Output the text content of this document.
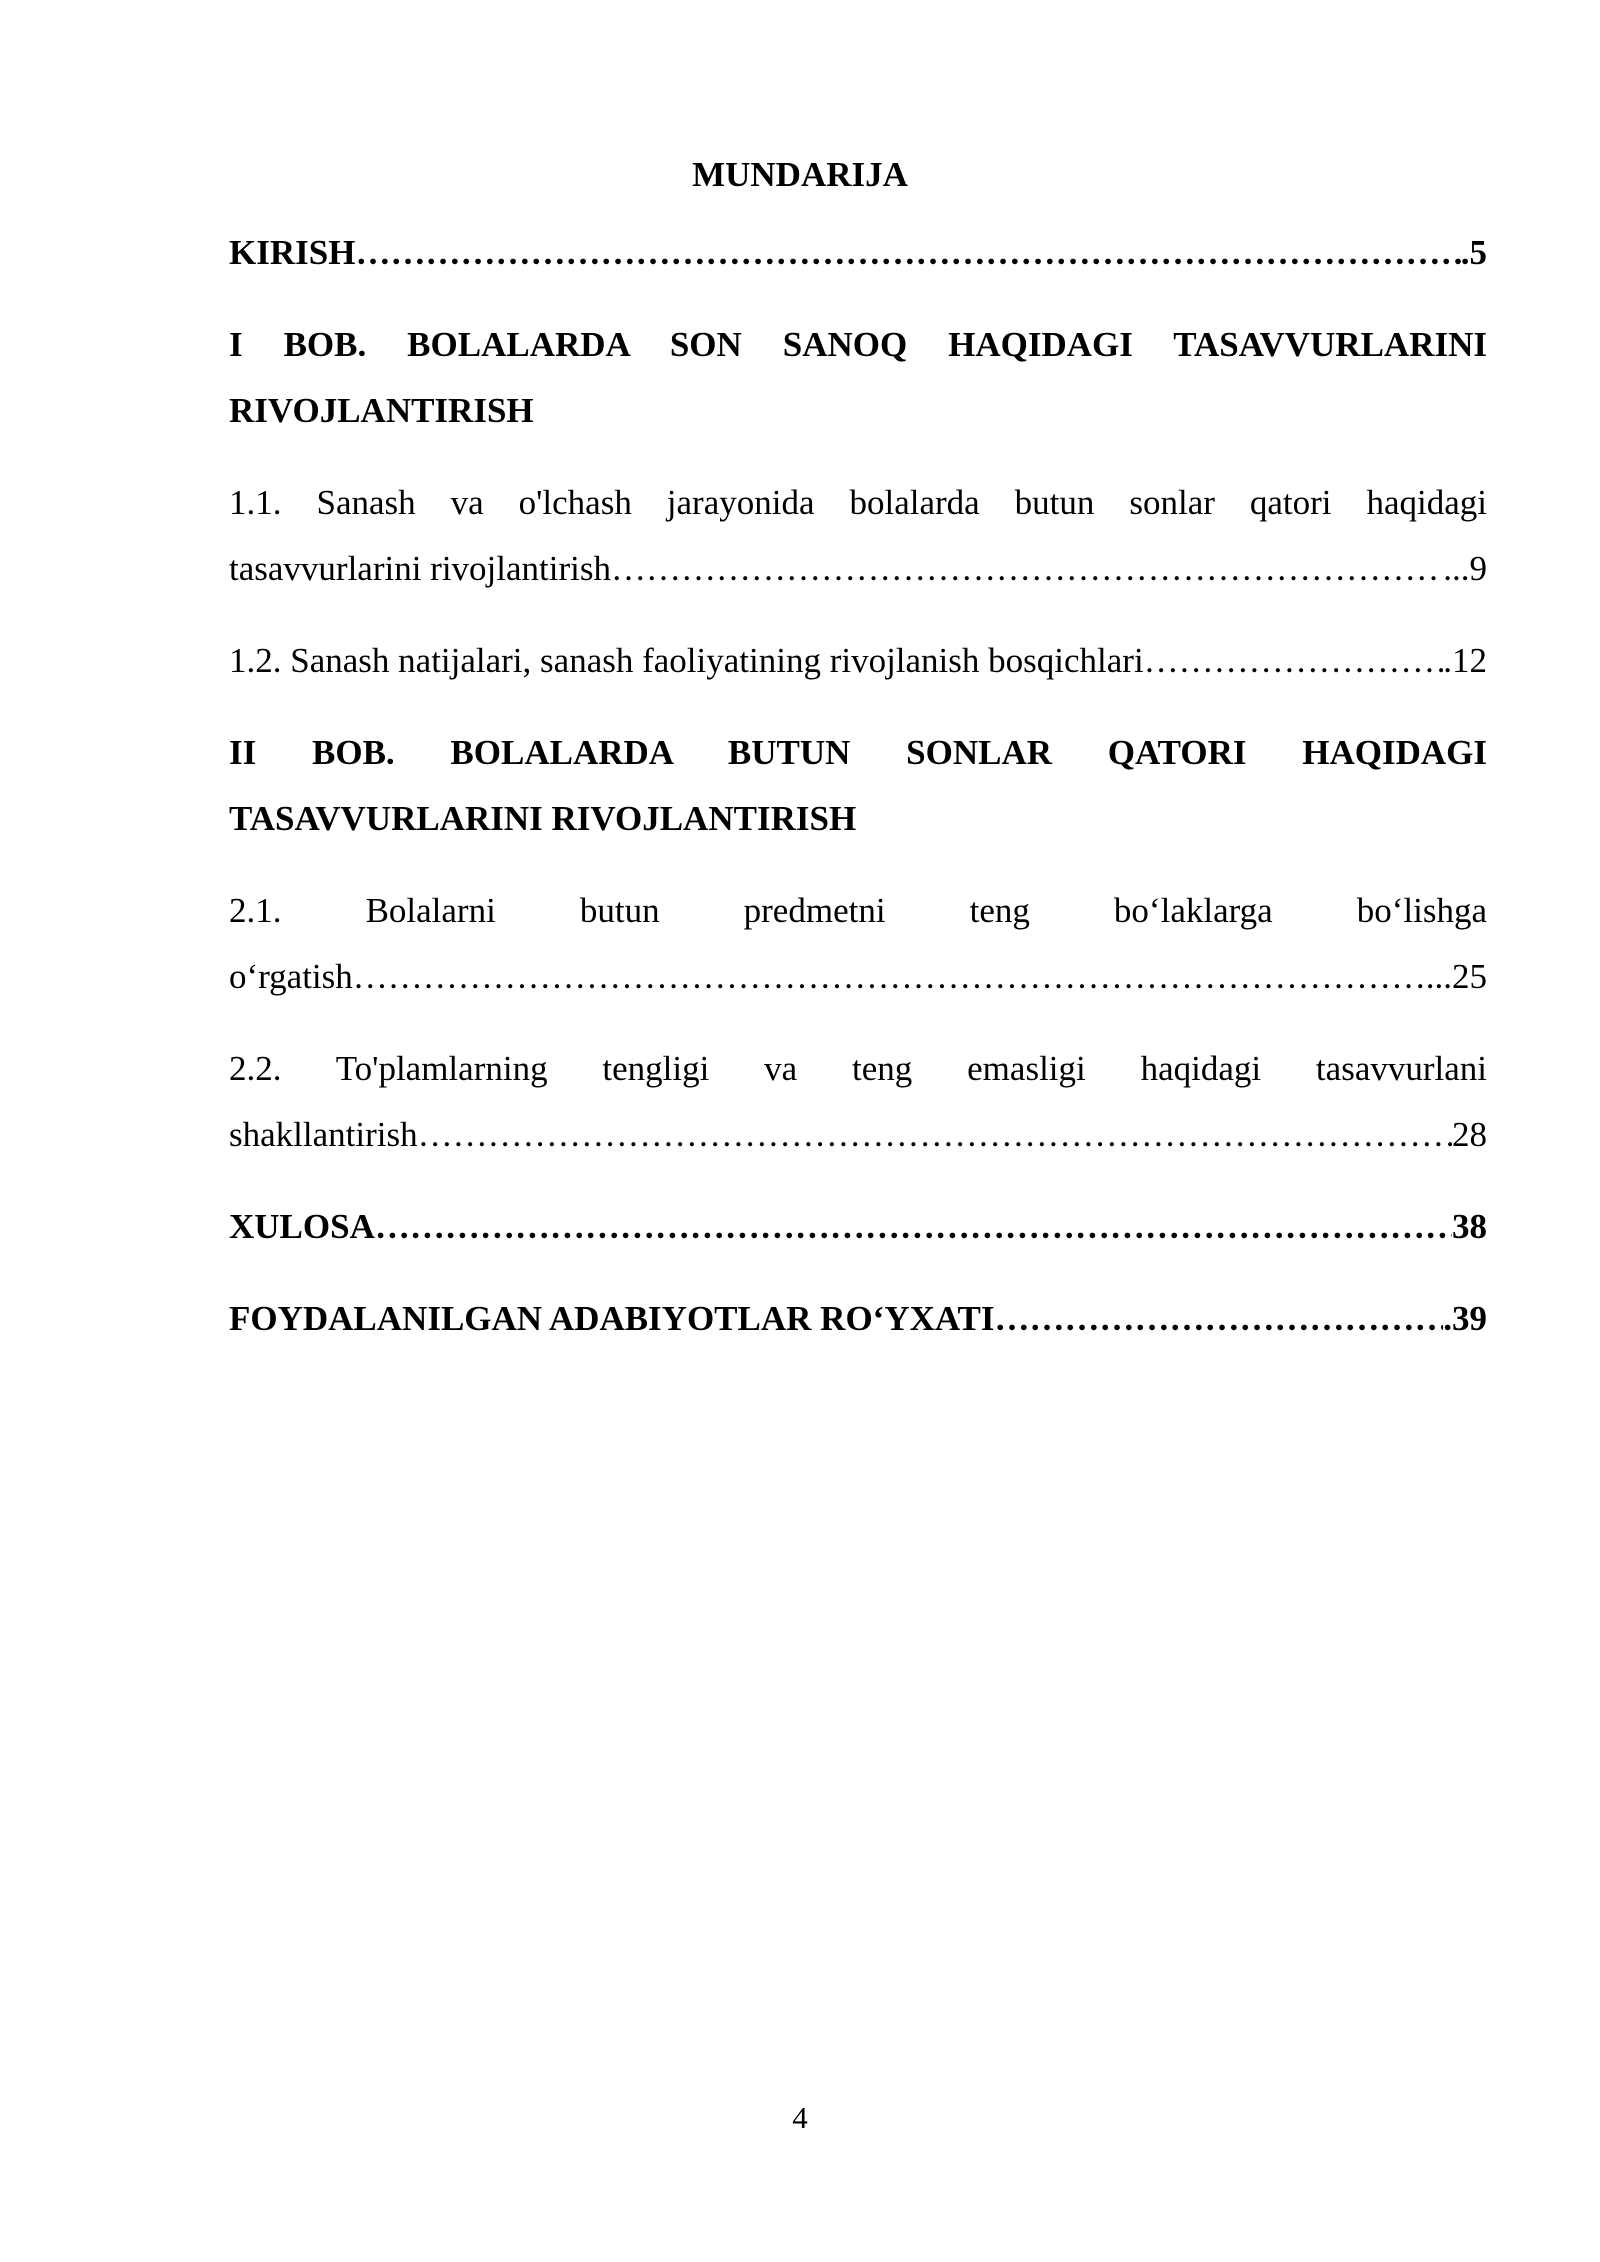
MUNDARIJA
KIRISH ………………………………………………………………………………………………………………………………………………………………………………………………………………………………………………	.5
I BOB. BOLALARDA SON SANOQ HAQIDAGI TASAVVURLARINI RIVOJLANTIRISH
1.1. Sanash va o'lchash jarayonida bolalarda butun sonlar qatori haqidagi
tasavvurlarini rivojlantirish ………………………………………………………………………………………………………………………………………………………………………………………………………………………………………………	...9
1.2. Sanash natijalari, sanash faoliyatining rivojlanish bosqichlari ………………………………………………………………………………………………………………………………………………………………………………………………………………………………………………	.12
II BOB. BOLALARDA BUTUN SONLAR QATORI HAQIDAGI TASAVVURLARINI RIVOJLANTIRISH
2.1. Bolalarni butun predmetni teng bo‘laklarga bo‘lishga
o‘rgatish ………………………………………………………………………………………………………………………………………………………………………………………………………………………………………………	...25
2.2. To'plamlarning tengligi va teng emasligi haqidagi tasavvurlani
shakllantirish ………………………………………………………………………………………………………………………………………………………………………………………………………………………………………………	28
XULOSA ………………………………………………………………………………………………………………………………………………………………………………………………………………………………………………	38
FOYDALANILGAN ADABIYOTLAR RO‘YXATI ………………………………………………………………………………………………………………………………………………………………………………………………………………………………………………	.39
4
